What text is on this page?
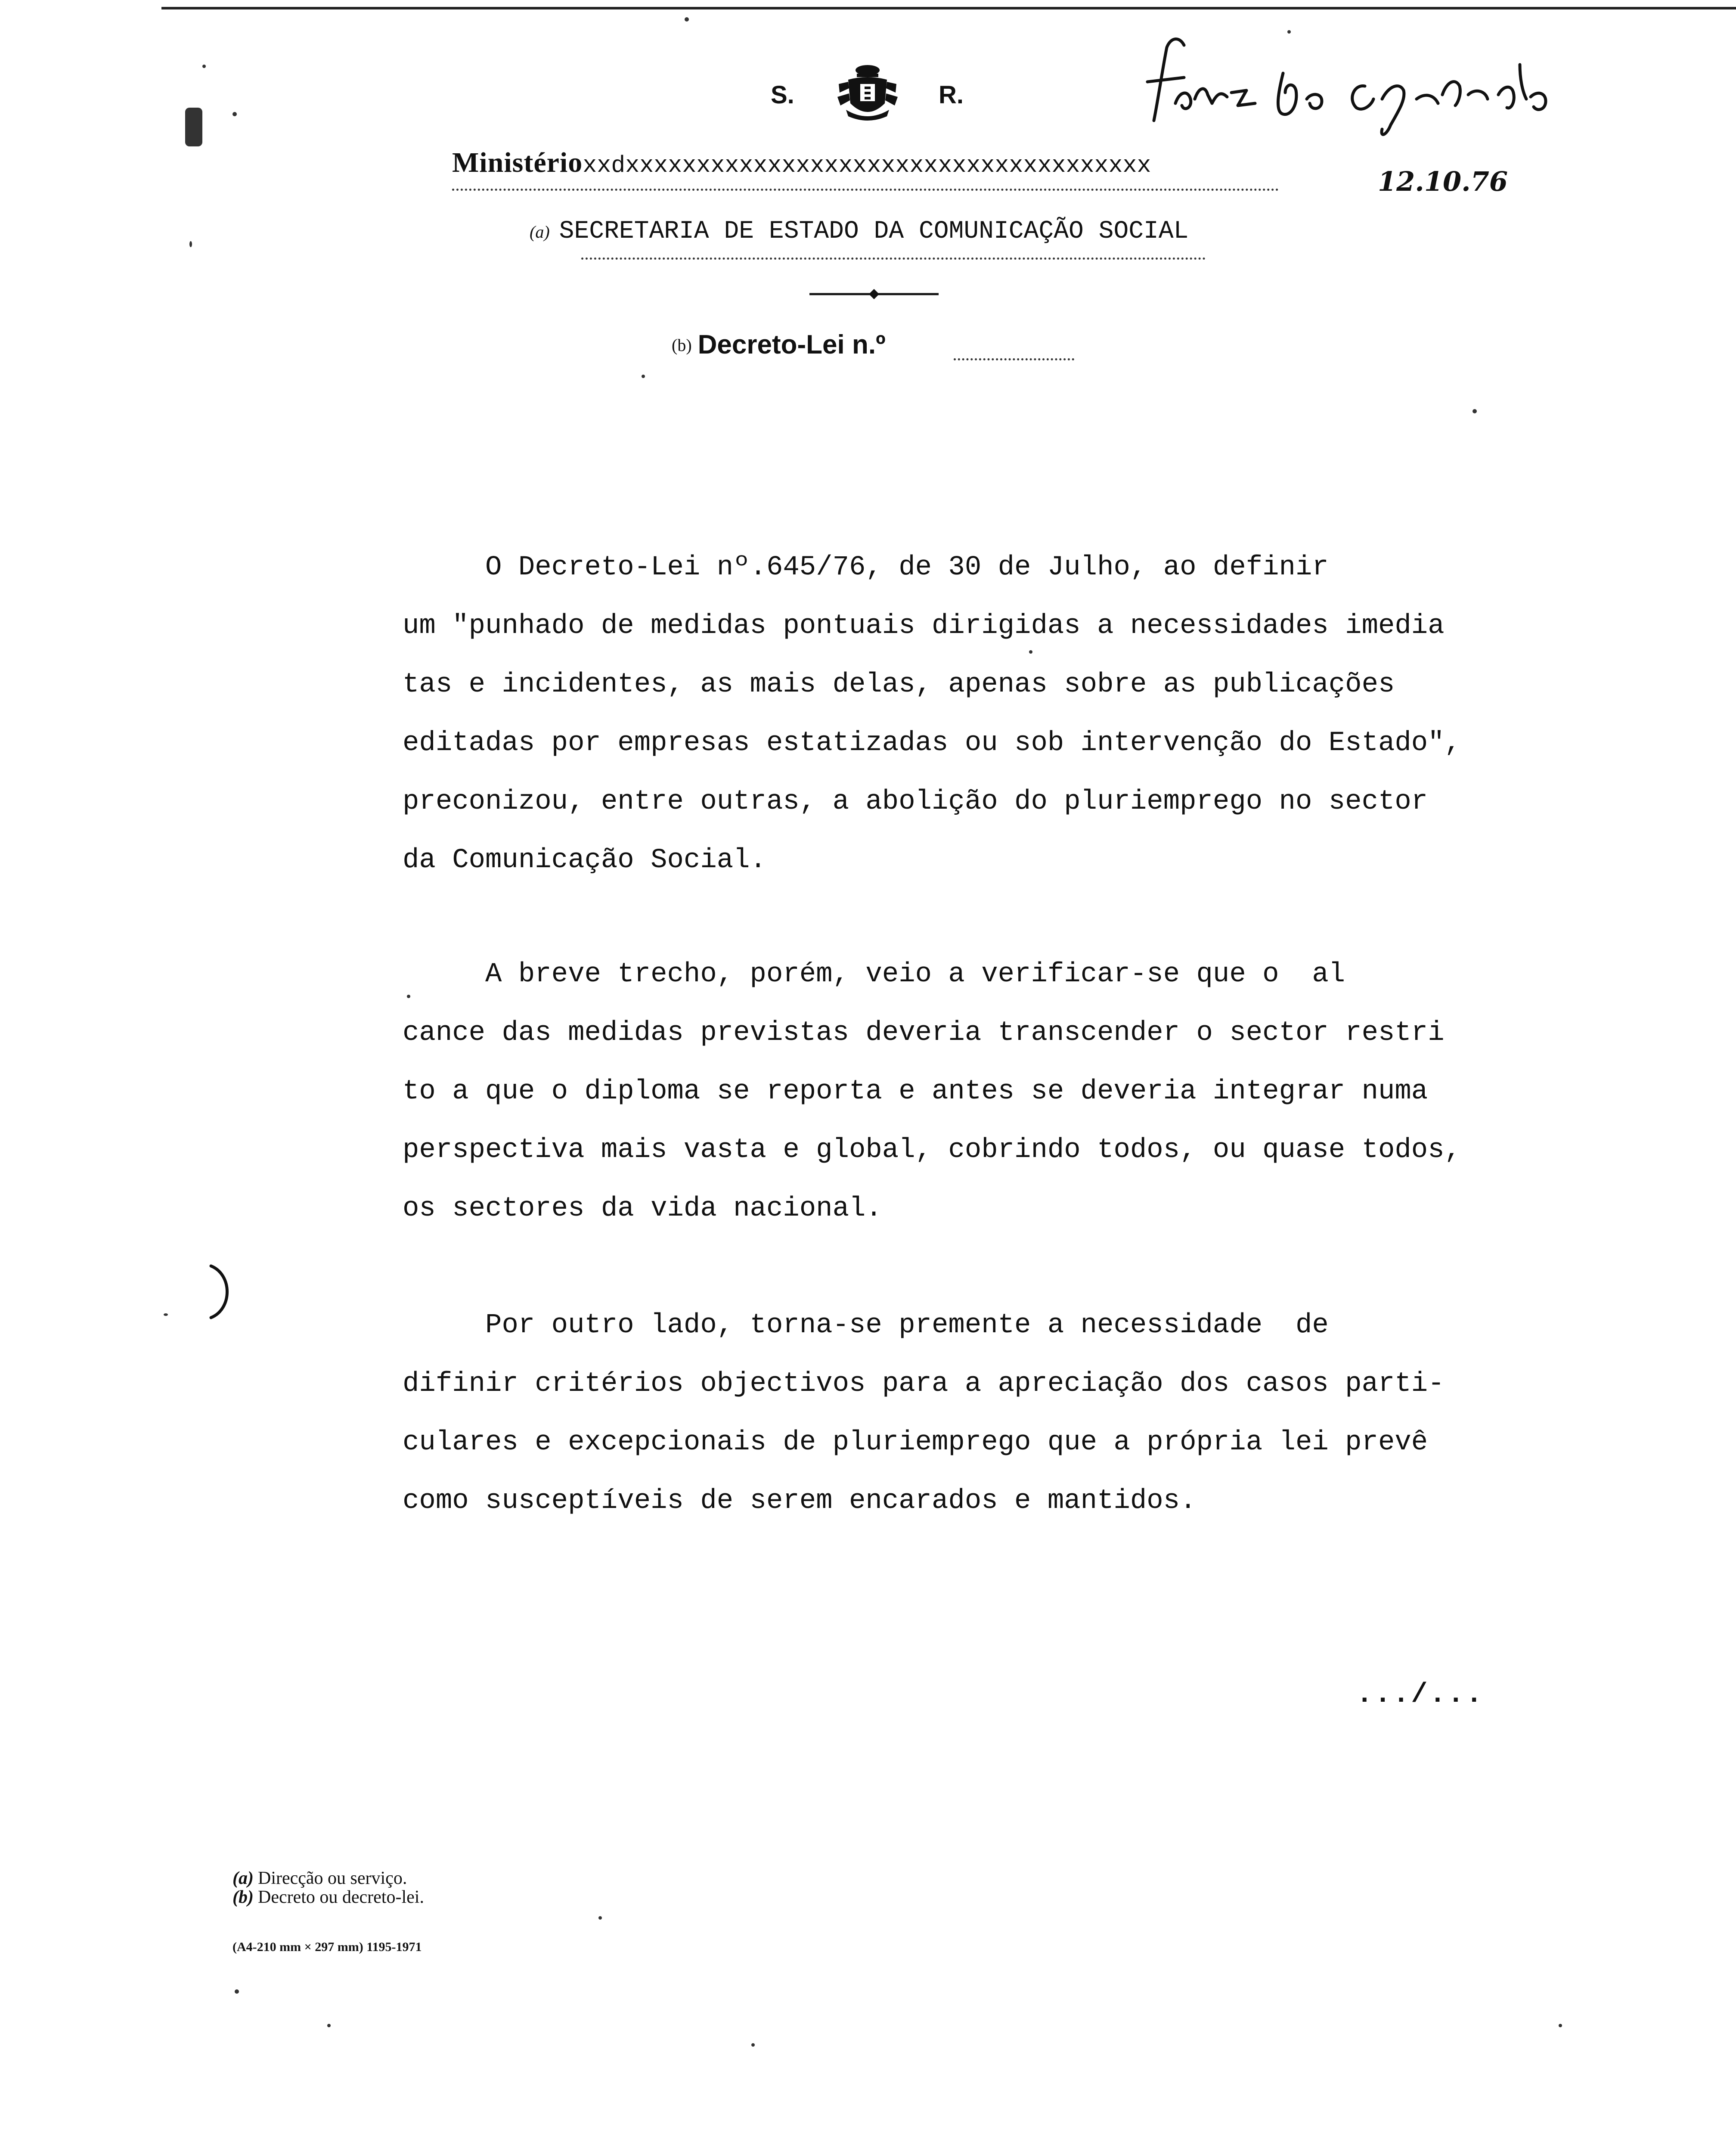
S.	R.
12.10.76
Ministérioxxdxxxxxxxxxxxxxxxxxxxxxxxxxxxxxxxxxxxxx
(a) SECRETARIA DE ESTADO DA COMUNICAÇÃO SOCIAL
(b) Decreto-Lei n.º

O Decreto-Lei nº.645/76, de 30 de Julho, ao definir
um "punhado de medidas pontuais dirigidas a necessidades imedia
tas e incidentes, as mais delas, apenas sobre as publicações
editadas por empresas estatizadas ou sob intervenção do Estado",
preconizou, entre outras, a abolição do pluriemprego no sector
da Comunicação Social.
A breve trecho, porém, veio a verificar-se que o  al
cance das medidas previstas deveria transcender o sector restri
to a que o diploma se reporta e antes se deveria integrar numa
perspectiva mais vasta e global, cobrindo todos, ou quase todos,
os sectores da vida nacional.
Por outro lado, torna-se premente a necessidade  de
difinir critérios objectivos para a apreciação dos casos parti-
culares e excepcionais de pluriemprego que a própria lei prevê
como susceptíveis de serem encarados e mantidos.
.../...
(a) Direcção ou serviço.
(b) Decreto ou decreto-lei.
(A4-210 mm × 297 mm) 1195-1971
